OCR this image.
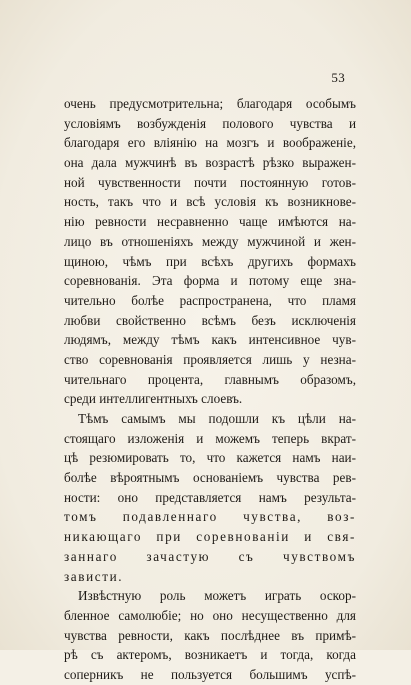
53
очень предусмотрительна; благодаря особымъ
условіямъ возбужденія полового чувства и
благодаря его вліянію на мозгъ и воображеніе,
она дала мужчинѣ въ возрастѣ рѣзко выражен-
ной чувственности почти постоянную готов-
ность, такъ что и всѣ условія къ возникнове-
нію ревности несравненно чаще имѣются на-
лицо въ отношеніяхъ между мужчиной и жен-
щиною, чѣмъ при всѣхъ другихъ формахъ
соревнованія. Эта форма и потому еще зна-
чительно болѣе распространена, что пламя
любви свойственно всѣмъ безъ исключенія
людямъ, между тѣмъ какъ интенсивное чув-
ство соревнованія проявляется лишь у незна-
чительнаго процента, главнымъ образомъ,
среди интеллигентныхъ слоевъ.
Тѣмъ самымъ мы подошли къ цѣли на-
стоящаго изложенія и можемъ теперь вкрат-
цѣ резюмировать то, что кажется намъ наи-
болѣе вѣроятнымъ основаніемъ чувства рев-
ности: оно представляется намъ результа-
томъ подавленнаго чувства, воз-
никающаго при соревнованіи и свя-
заннаго зачастую съ чувствомъ
зависти.
Извѣстную роль можетъ играть оскор-
бленное самолюбіе; но оно несущественно для
чувства ревности, какъ послѣднее въ примѣ-
рѣ съ актеромъ, возникаетъ и тогда, когда
соперникъ не пользуется большимъ успѣ-
